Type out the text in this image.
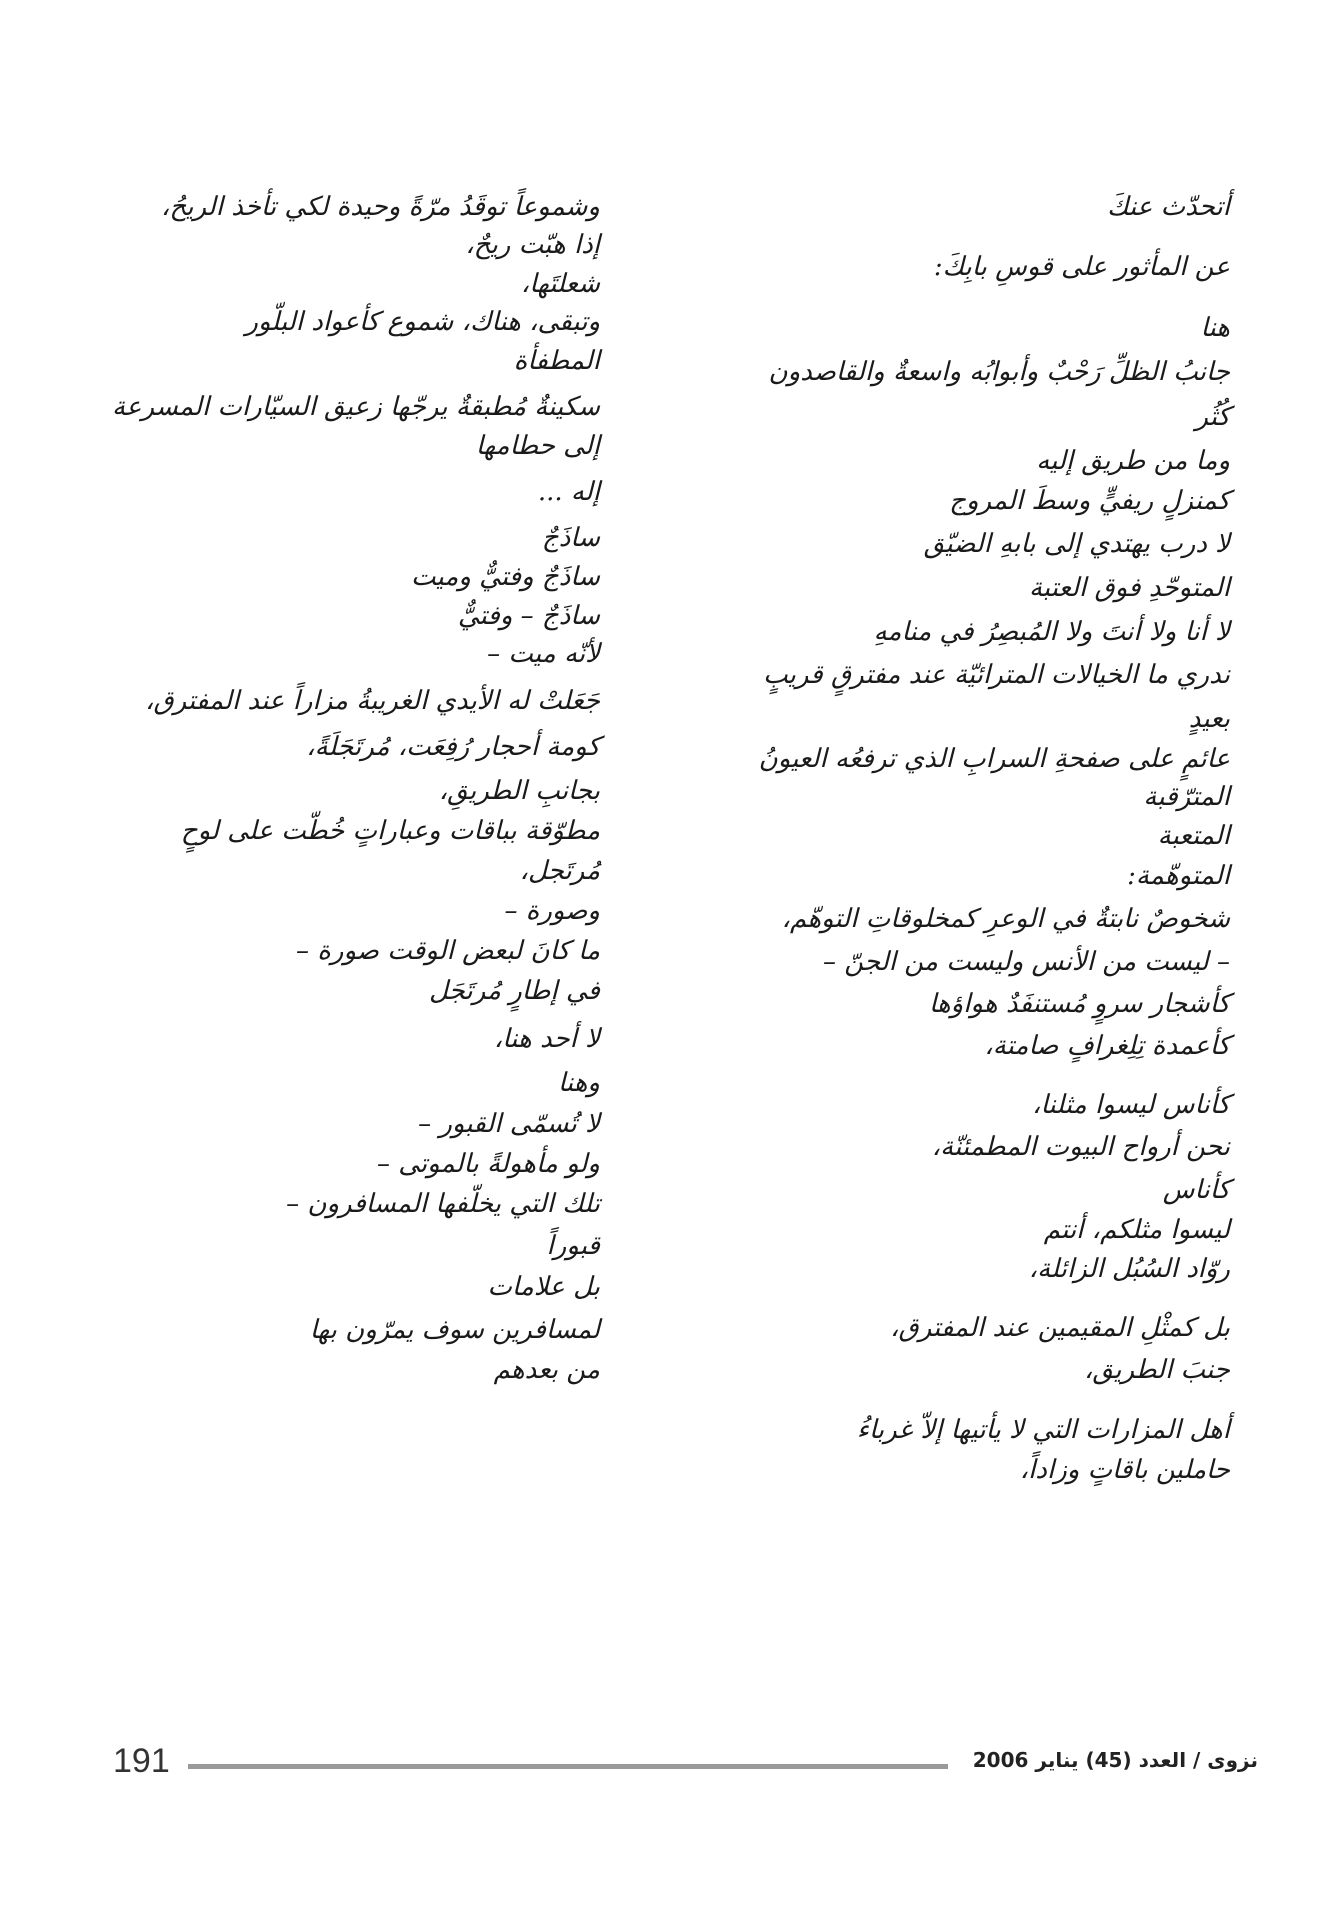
أتحدّث عنكَ
عن المأثور على قوسِ بابِكَ:
هنا
جانبُ الظلِّ رَحْبٌ وأبوابُه واسعةٌ والقاصدون
كُثُر
وما من طريق إليه
كمنزلٍ ريفيٍّ وسطَ المروج
لا درب يهتدي إلى بابهِ الضيّق
المتوحّدِ فوق العتبة
لا أنا ولا أنتَ ولا المُبصِرُ في منامهِ
ندري ما الخيالات المترائيّة عند مفترقٍ قريبٍ
بعيدٍ
عائمٍ على صفحةِ السرابِ الذي ترفعُه العيونُ
المترّقبة
المتعبة
المتوهّمة:
شخوصٌ نابتةٌ في الوعرِ كمخلوقاتِ التوهّم،
– ليست من الأنس وليست من الجنّ –
كأشجار سروٍ مُستنفَدٌ هواؤها
كأعمدة تِلِغرافٍ صامتة،
كأناس ليسوا مثلنا،
نحن أرواح البيوت المطمئنّة،
كأناس
ليسوا مثلكم، أنتم
روّاد السُبُل الزائلة،
بل كمثْلِ المقيمين عند المفترق،
جنبَ الطريق،
أهل المزارات التي لا يأتيها إلاّ غرباءُ
حاملين باقاتٍ وزاداً،
وشموعاً توقَدُ مرّةً وحيدة لكي تأخذ الريحُ،
إذا هبّت ريحٌ،
شعلتَها،
وتبقى، هناك، شموع كأعواد البلّور
المطفأة
سكينةٌ مُطبقةٌ يرجّها زعيق السيّارات المسرعة
إلى حطامها
إله ...
ساذَجٌ
ساذَجٌ وفتيٌّ وميت
ساذَجٌ – وفتيٌّ
لأنّه ميت –
جَعَلتْ له الأيدي الغريبةُ مزاراً عند المفترق،
كومة أحجار رُفِعَت، مُرتَجَلَةً،
بجانبِ الطريقِ،
مطوّقة بباقات وعباراتٍ خُطّت على لوحٍ
مُرتَجل،
وصورة –
ما كانَ لبعض الوقت صورة –
في إطارٍ مُرتَجَل
لا أحد هنا،
وهنا
لا تُسمّى القبور –
ولو مأهولةً بالموتى –
تلك التي يخلّفها المسافرون –
قبوراً
بل علامات
لمسافرين سوف يمرّون بها
من بعدهم
191	نزوى / العدد (45) يناير 2006
